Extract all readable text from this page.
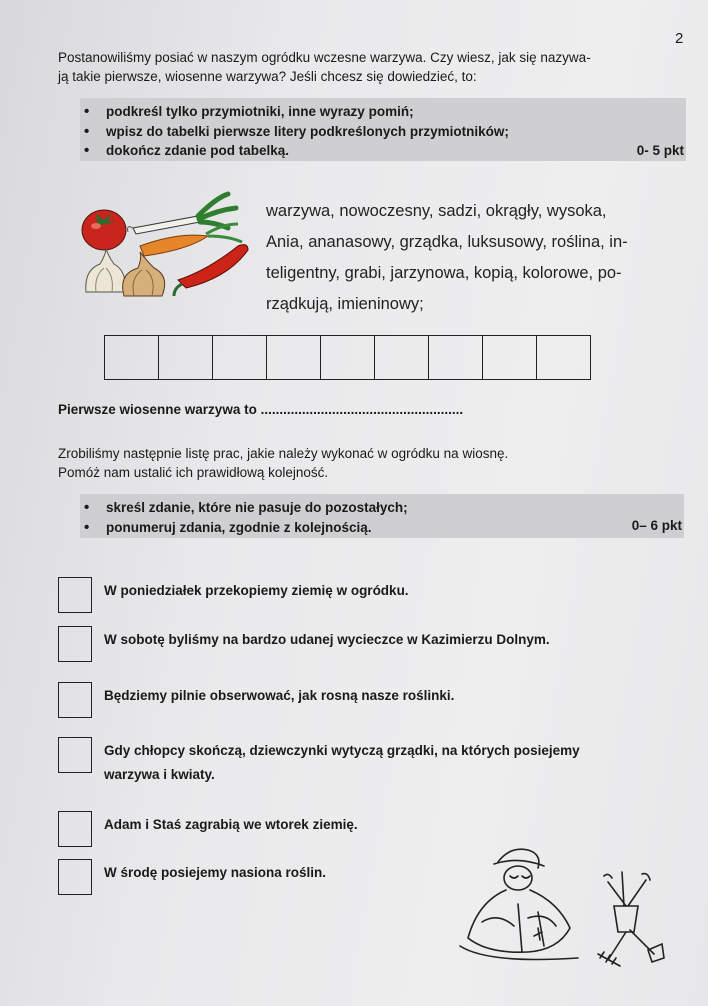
2
Postanowiliśmy posiać w naszym ogródku wczesne warzywa. Czy wiesz, jak się nazywa-
ją takie pierwsze, wiosenne warzywa? Jeśli chcesz się dowiedzieć, to:
• podkreśl tylko przymiotniki, inne wyrazy pomiń;
• wpisz do tabelki pierwsze litery podkreślonych przymiotników;
• dokończ zdanie pod tabelką.	0- 5 pkt
warzywa, nowoczesny, sadzi, okrągły, wysoka,
Ania, ananasowy, grządka, luksusowy, roślina, in-
teligentny, grabi, jarzynowa, kopią, kolorowe, po-
rządkują, imieninowy;
Pierwsze wiosenne warzywa to ......................................................
Zrobiliśmy następnie listę prac, jakie należy wykonać w ogródku na wiosnę.
Pomóż nam ustalić ich prawidłową kolejność.
• skreśl zdanie, które nie pasuje do pozostałych;
• ponumeruj zdania, zgodnie z kolejnością.	0– 6 pkt
W poniedziałek przekopiemy ziemię w ogródku.
W sobotę byliśmy na bardzo udanej wycieczce w Kazimierzu Dolnym.
Będziemy pilnie obserwować, jak rosną nasze roślinki.
Gdy chłopcy skończą, dziewczynki wytyczą grządki, na których posiejemy
warzywa i kwiaty.
Adam i Staś zagrabią we wtorek ziemię.
W środę posiejemy nasiona roślin.
